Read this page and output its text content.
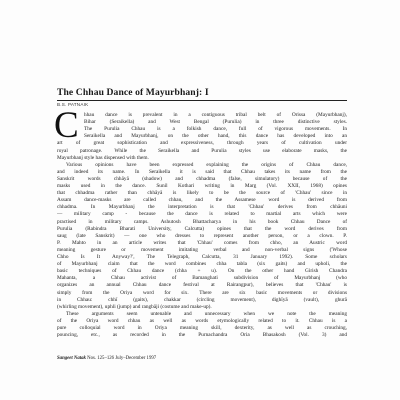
The Chhau Dance of Mayurbhanj: I
B.S. PATNAIK
C hhau dance is prevalent in a contiguous tribal belt of Orissa (Mayurbhanj),
Bihar (Seraikella) and West Bengal (Purulia) in three distinctive styles.
The Purulia Chhau is a folkish dance, full of vigorous movements. In
Seraikella and Mayurbhanj, on the other hand, this dance has developed into an
art of great sophistication and expressiveness, through years of cultivation under
royal patronage. While the Seraikella and Purulia styles use elaborate masks, the
Mayurbhanj style has dispensed with them.
Various opinions have been expressed explaining the origins of Chhau dance,
and indeed its name. In Seraikella it is said that Chhau takes its name from the
Sanskrit words chhāyā (shadow) and chhadma (false, simulatory) because of the
masks used in the dance. Sunil Kothari writing in Marg (Vol. XXII, 1968) opines
that chhadma rather than chhāyā is likely to be the source of 'Chhau' since in
Assam dance-masks are called chhau, and the Assamese word is derived from
chhadma. In Mayurbhanj the interpretation is that 'Chhau' derives from chhāuni
— military camp - because the dance is related to martial arts which were
practised in military camps. Ashutosh Bhattacharya in his book Chhau Dance of
Purulia (Rabindra Bharati University, Calcutta) opines that the word derives from
saug (late Sanskrit) — one who dresses to represent another person, or a clown. P.
P. Mahto in an article writes that 'Chhau' comes from chho, an Austric word
meaning gesture or movement imitating verbal and non-verbal signs ('Whose
Chho Is It Anyway?', The Telegraph, Calcutta, 31 January 1992). Some scholars
of Mayurbhanj claim that the word combines chha tabla (six gaits) and upholi, the
basic techniques of Chhau dance (chha + u). On the other hand Girish Chandra
Mahanta, a Chhau activist of Bamanghati subdivision of Mayurbhanj (who
organizes an annual Chhau dance festival at Rairangpur), believes that 'Chhau' is
simply from the Oriya word for six. There are six basic movements or divisions
in Chhau: chhī (gaits), chakkar (circling movement), dighīyā (vault), ghurā
(whirling movement), uphli (jump) and rangbāji (costume and make-up).
These arguments seem untenable and unnecessary when we note the meaning
of the Oriya word chhau as well as words etymologically related to it. Chhau is a
pure colloquial word in Oriya meaning skill, dexterity, as well as crouching,
pouncing, etc., as recorded in the Purnachandra Oria Bhasakosh (Vol. 3) and
Sangeet Natak Nos. 125–126 July–December 1997
